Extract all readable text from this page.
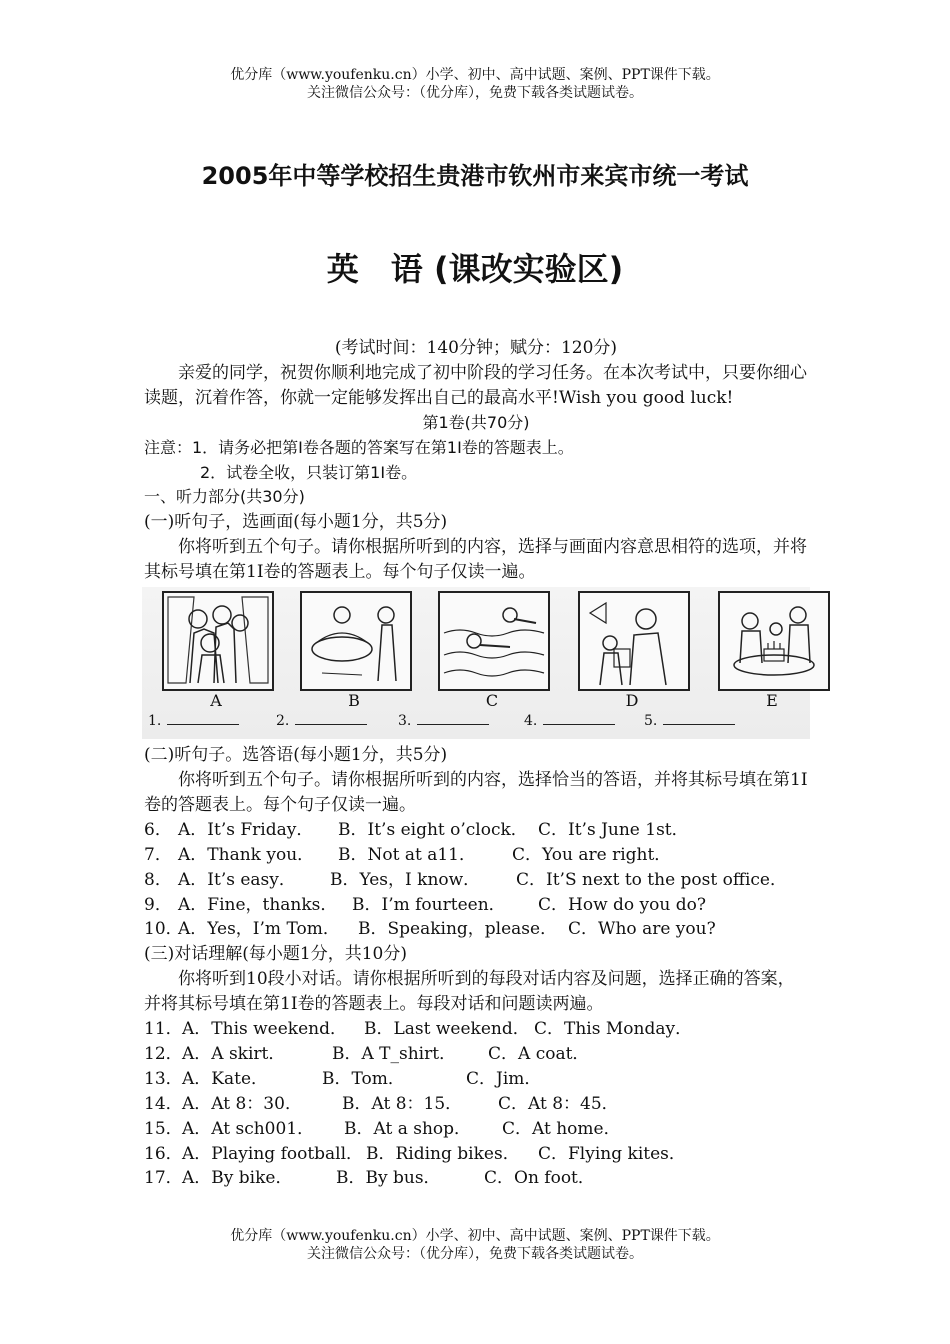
优分库（www.youfenku.cn）小学、初中、高中试题、案例、PPT课件下载。
关注微信公众号：（优分库），免费下载各类试题试卷。
2005年中等学校招生贵港市钦州市来宾市统一考试
英　语 (课改实验区)

(考试时间：140分钟；赋分：120分)

亲爱的同学，祝贺你顺利地完成了初中阶段的学习任务。在本次考试中，只要你细心读题，沉着作答，你就一定能够发挥出自己的最高水平!Wish you good luck!

第1卷(共70分)

注意：1．请务必把第Ⅰ卷各题的答案写在第1Ⅰ卷的答题表上。

2．试卷全收，只装订第1Ⅰ卷。

一、听力部分(共30分)

(一)听句子，选画面(每小题1分，共5分)

你将听到五个句子。请你根据所听到的内容，选择与画面内容意思相符的选项，并将其标号填在第1I卷的答题表上。每个句子仅读一遍。

A	B	C	D	E
1.	2.	3.	4.	5.

(二)听句子。选答语(每小题1分，共5分)

你将听到五个句子。请你根据所听到的内容，选择恰当的答语，并将其标号填在第1I卷的答题表上。每个句子仅读一遍。

6． A．It’s Friday．	B．It’s eight o’clock． C．It’s June 1st．
7． A．Thank you．	B．Not at a11．	C．You are right．
8． A．It’s easy．	B．Yes，I know．	C．It’S next to the post office．
9． A．Fine，thanks． B．I’m fourteen．	C．How do you do?
10．
A．Yes，I’m Tom．	B．Speaking，please． C．Who are you?

(三)对话理解(每小题1分，共10分)

你将听到10段小对话。请你根据所听到的每段对话内容及问题，选择正确的答案，并将其标号填在第1I卷的答题表上。每段对话和问题读两遍。

11． A．This weekend．	B．Last weekend． C．This Monday．
12． A．A skirt．	B．A T_shirt．	C．A coat．
13． A．Kate．	B．Tom．	C．Jim．
14． A．At 8：30．	B．At 8：15．	C．At 8：45．
15． A．At sch001．	B．At a shop．	C．At home．
16． A．Playing football． B．Riding bikes．	C．Flying kites．
17． A．By bike．	B．By bus．	C．On foot．
优分库（www.youfenku.cn）小学、初中、高中试题、案例、PPT课件下载。
关注微信公众号：（优分库），免费下载各类试题试卷。
